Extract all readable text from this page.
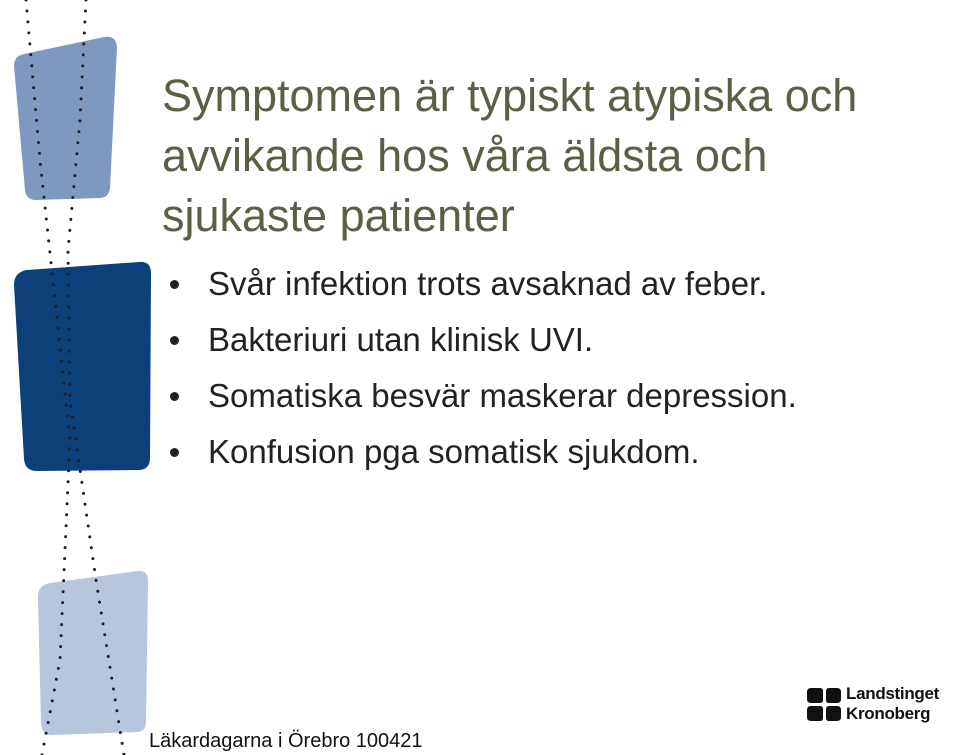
Symptomen är typiskt atypiska och
avvikande hos våra äldsta och
sjukaste patienter
Svår infektion trots avsaknad av feber.
Bakteriuri utan klinisk UVI.
Somatiska besvär maskerar depression.
Konfusion pga somatisk sjukdom.
Läkardagarna i Örebro 100421
Landstinget
Kronoberg
